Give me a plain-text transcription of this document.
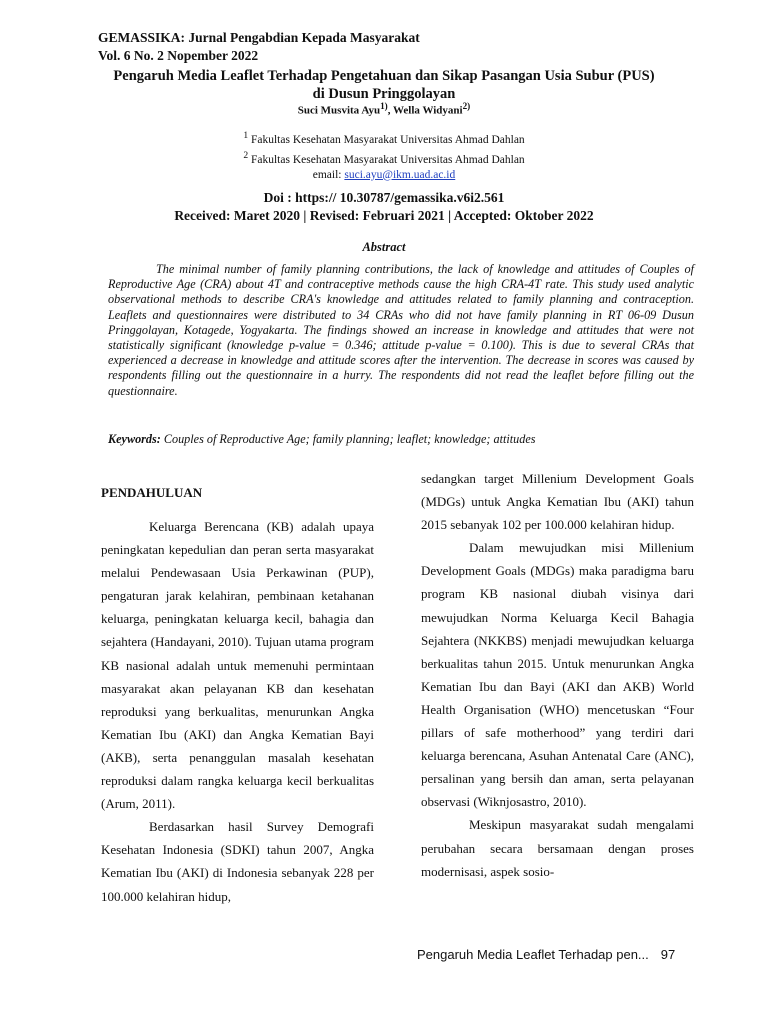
GEMASSIKA: Jurnal Pengabdian Kepada Masyarakat
Vol. 6 No. 2 Nopember 2022
Pengaruh Media Leaflet Terhadap Pengetahuan dan Sikap Pasangan Usia Subur (PUS)
di Dusun Pringgolayan
Suci Musvita Ayu$^{1)}$, Wella Widyani$^{2)}$
$^1$ Fakultas Kesehatan Masyarakat Universitas Ahmad Dahlan
$^2$ Fakultas Kesehatan Masyarakat Universitas Ahmad Dahlan
email: suci.ayu@ikm.uad.ac.id
Doi : https:// 10.30787/gemassika.v6i2.561
Received: Maret 2020 | Revised: Februari 2021 | Accepted: Oktober 2022
Abstract

The minimal number of family planning contributions, the lack of knowledge and attitudes of Couples of Reproductive Age (CRA) about 4T and contraceptive methods cause the high CRA-4T rate. This study used analytic observational methods to describe CRA's knowledge and attitudes related to family planning and contraception. Leaflets and questionnaires were distributed to 34 CRAs who did not have family planning in RT 06-09 Dusun Pringgolayan, Kotagede, Yogyakarta. The findings showed an increase in knowledge and attitudes that were not statistically significant (knowledge p-value = 0.346; attitude p-value = 0.100). This is due to several CRAs that experienced a decrease in knowledge and attitude scores after the intervention. The decrease in scores was caused by respondents filling out the questionnaire in a hurry. The respondents did not read the leaflet before filling out the questionnaire.

Keywords: Couples of Reproductive Age; family planning; leaflet; knowledge; attitudes
PENDAHULUAN

Keluarga Berencana (KB) adalah upaya peningkatan kepedulian dan peran serta masyarakat melalui Pendewasaan Usia Perkawinan (PUP), pengaturan jarak kelahiran, pembinaan ketahanan keluarga, peningkatan keluarga kecil, bahagia dan sejahtera (Handayani, 2010). Tujuan utama program KB nasional adalah untuk memenuhi permintaan masyarakat akan pelayanan KB dan kesehatan reproduksi yang berkualitas, menurunkan Angka Kematian Ibu (AKI) dan Angka Kematian Bayi (AKB), serta penanggulan masalah kesehatan reproduksi dalam rangka keluarga kecil berkualitas (Arum, 2011).

Berdasarkan hasil Survey Demografi Kesehatan Indonesia (SDKI) tahun 2007, Angka Kematian Ibu (AKI) di Indonesia sebanyak 228 per 100.000 kelahiran hidup,

sedangkan target Millenium Development Goals (MDGs) untuk Angka Kematian Ibu (AKI) tahun 2015 sebanyak 102 per 100.000 kelahiran hidup.

Dalam mewujudkan misi Millenium Development Goals (MDGs) maka paradigma baru program KB nasional diubah visinya dari mewujudkan Norma Keluarga Kecil Bahagia Sejahtera (NKKBS) menjadi mewujudkan keluarga berkualitas tahun 2015. Untuk menurunkan Angka Kematian Ibu dan Bayi (AKI dan AKB) World Health Organisation (WHO) mencetuskan “Four pillars of safe motherhood” yang terdiri dari keluarga berencana, Asuhan Antenatal Care (ANC), persalinan yang bersih dan aman, serta pelayanan observasi (Wiknjosastro, 2010).

Meskipun masyarakat sudah mengalami perubahan secara bersamaan dengan proses modernisasi, aspek sosio-

Pengaruh Media Leaflet Terhadap pen... 97
